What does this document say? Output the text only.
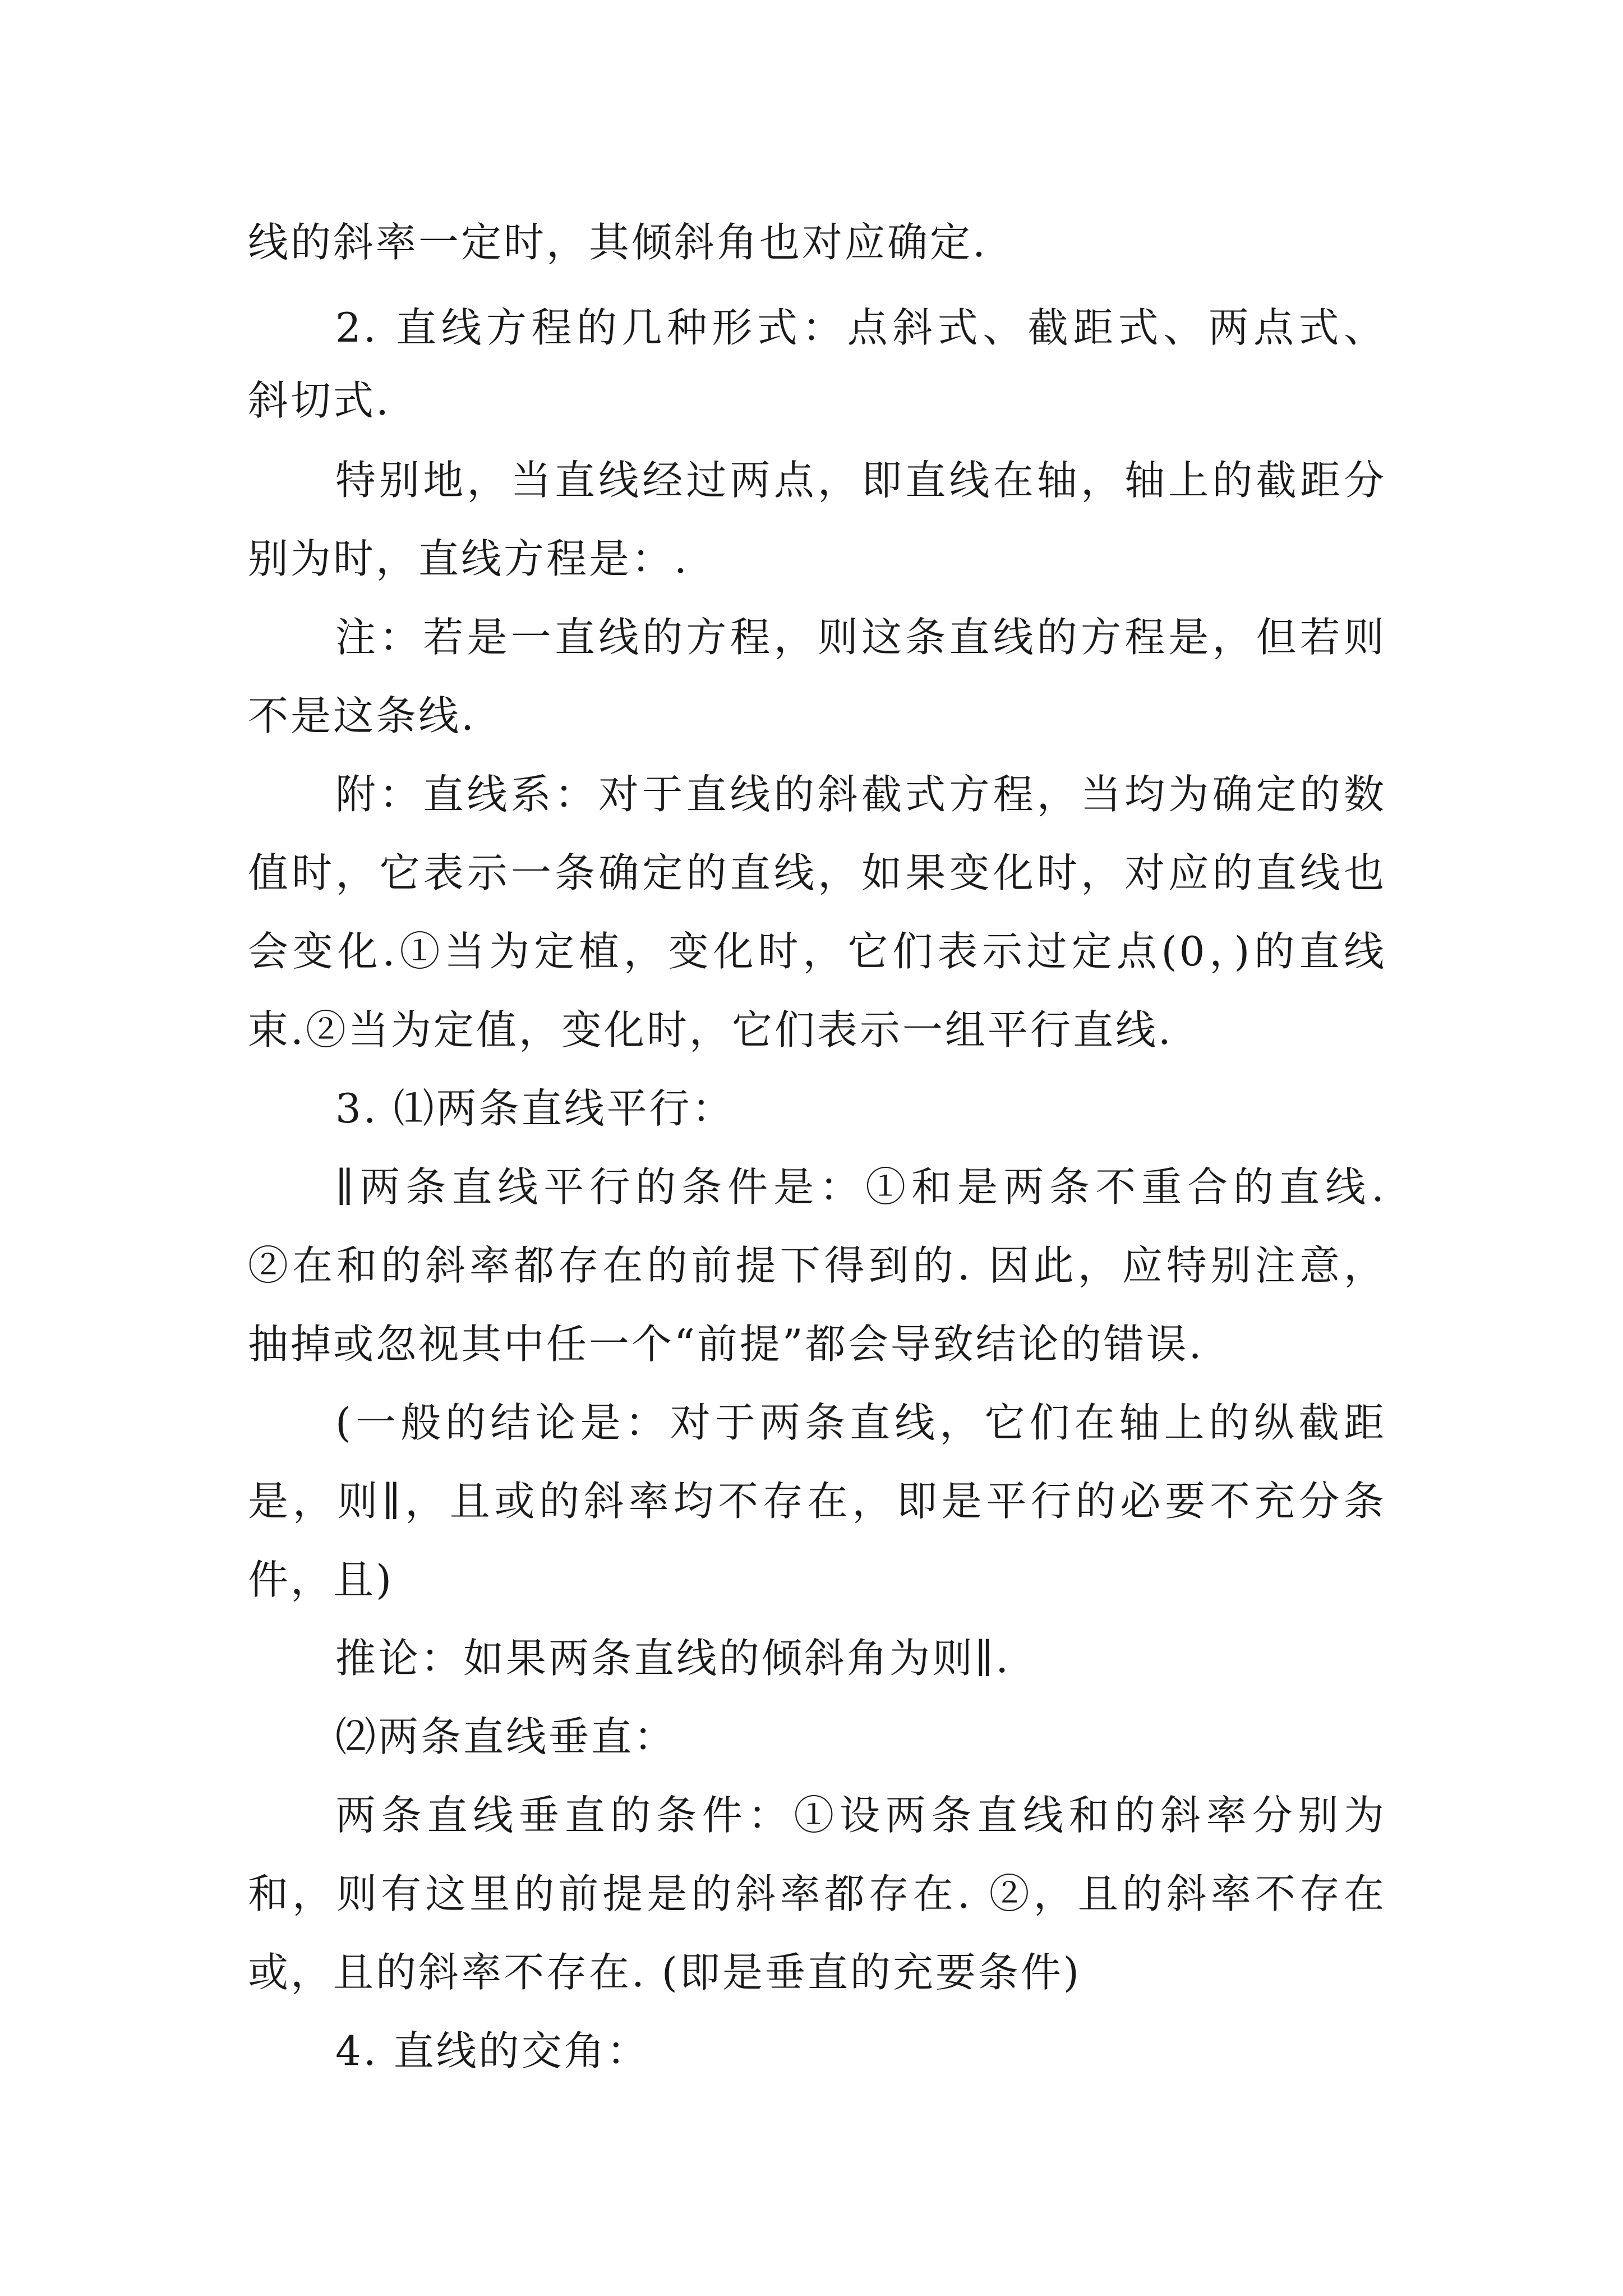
线的斜率一定时，其倾斜角也对应确定.
2. 直线方程的几种形式：点斜式、截距式、两点式、
斜切式.
特别地，当直线经过两点，即直线在轴，轴上的截距分
别为时，直线方程是：.
注：若是一直线的方程，则这条直线的方程是，但若则
不是这条线.
附：直线系：对于直线的斜截式方程，当均为确定的数
值时，它表示一条确定的直线，如果变化时，对应的直线也
会变化.①当为定植，变化时，它们表示过定点(0，)的直线
束.②当为定值，变化时，它们表示一组平行直线.
3. ⑴两条直线平行：
∥两条直线平行的条件是：①和是两条不重合的直线.
②在和的斜率都存在的前提下得到的. 因此，应特别注意，
抽掉或忽视其中任一个“前提”都会导致结论的错误.
(一般的结论是：对于两条直线，它们在轴上的纵截距
是，则∥，且或的斜率均不存在，即是平行的必要不充分条
件，且)
推论：如果两条直线的倾斜角为则∥.
⑵两条直线垂直：
两条直线垂直的条件：①设两条直线和的斜率分别为
和，则有这里的前提是的斜率都存在. ②，且的斜率不存在
或，且的斜率不存在. (即是垂直的充要条件)
4. 直线的交角：
